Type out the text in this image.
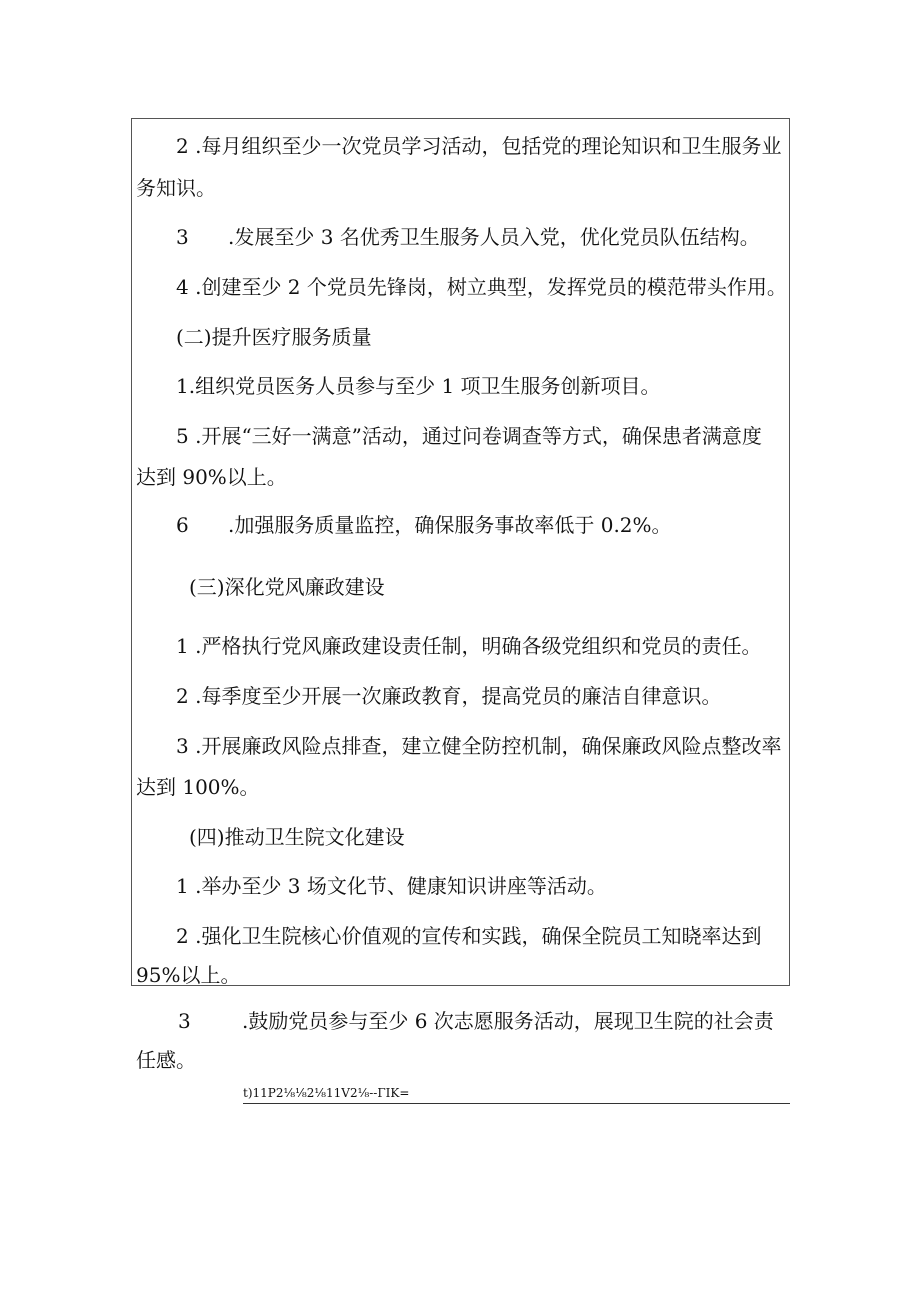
2 .每月组织至少一次党员学习活动，包括党的理论知识和卫生服务业
务知识。
3 .发展至少 3 名优秀卫生服务人员入党，优化党员队伍结构。
4 .创建至少 2 个党员先锋岗，树立典型，发挥党员的模范带头作用。
(二)提升医疗服务质量
1.组织党员医务人员参与至少 1 项卫生服务创新项目。
5 .开展“三好一满意”活动，通过问卷调查等方式，确保患者满意度
达到 90%以上。
6 .加强服务质量监控，确保服务事故率低于 0.2%。
(三)深化党风廉政建设
1 .严格执行党风廉政建设责任制，明确各级党组织和党员的责任。
2 .每季度至少开展一次廉政教育，提高党员的廉洁自律意识。
3 .开展廉政风险点排查，建立健全防控机制，确保廉政风险点整改率
达到 100%。
(四)推动卫生院文化建设
1 .举办至少 3 场文化节、健康知识讲座等活动。
2 .强化卫生院核心价值观的宣传和实践，确保全院员工知晓率达到
95%以上。
3	.鼓励党员参与至少 6 次志愿服务活动，展现卫生院的社会责
任感。
t)11P2⅛⅛2⅛11V2⅛--ΓIK=
